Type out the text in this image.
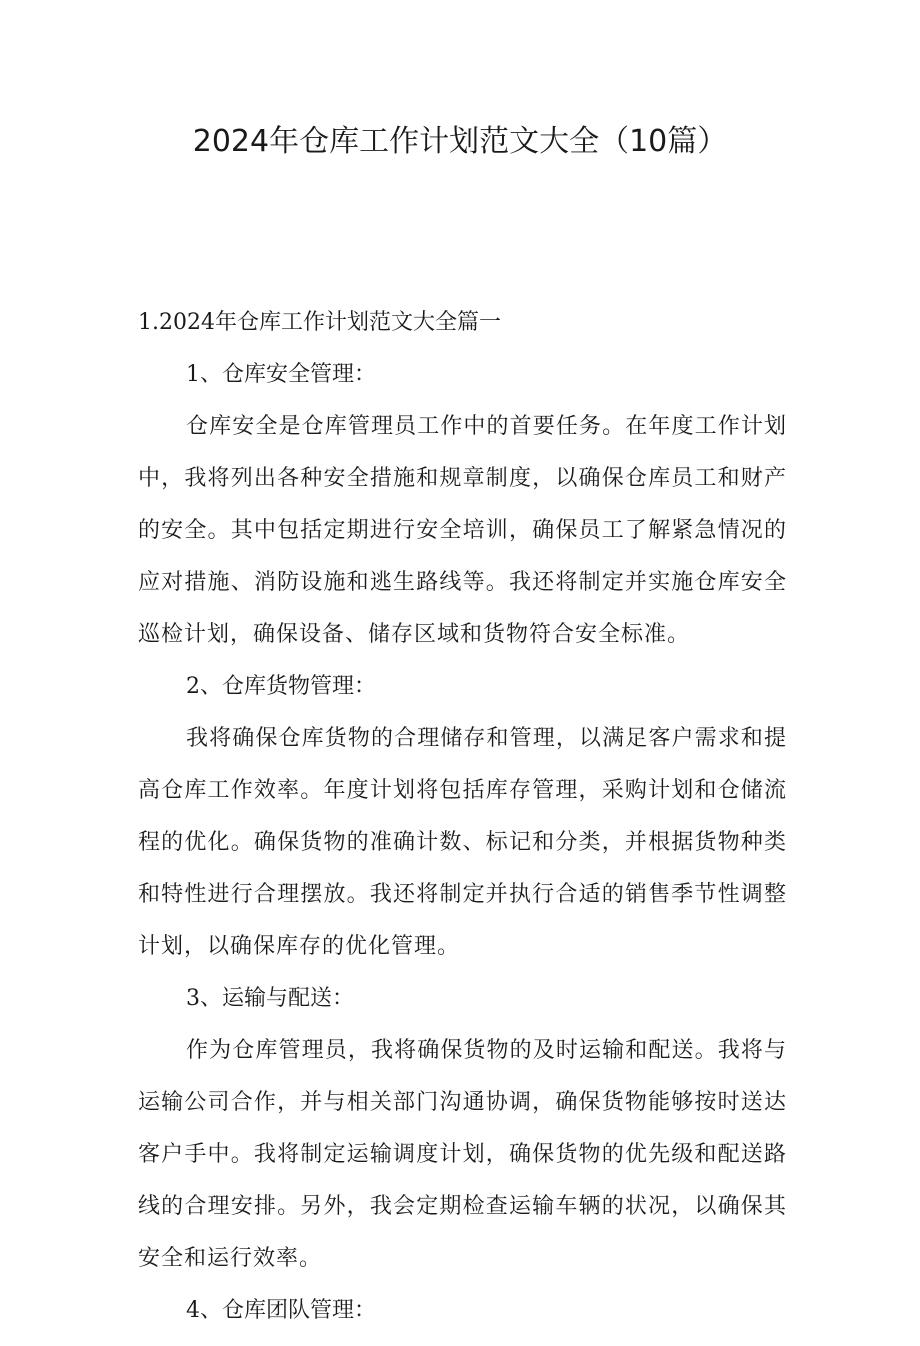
2024年仓库工作计划范文大全（10篇）
1.2024年仓库工作计划范文大全篇一
1、仓库安全管理：
仓库安全是仓库管理员工作中的首要任务。在年度工作计划
中，我将列出各种安全措施和规章制度，以确保仓库员工和财产
的安全。其中包括定期进行安全培训，确保员工了解紧急情况的
应对措施、消防设施和逃生路线等。我还将制定并实施仓库安全
巡检计划，确保设备、储存区域和货物符合安全标准。
2、仓库货物管理：
我将确保仓库货物的合理储存和管理，以满足客户需求和提
高仓库工作效率。年度计划将包括库存管理，采购计划和仓储流
程的优化。确保货物的准确计数、标记和分类，并根据货物种类
和特性进行合理摆放。我还将制定并执行合适的销售季节性调整
计划，以确保库存的优化管理。
3、运输与配送：
作为仓库管理员，我将确保货物的及时运输和配送。我将与
运输公司合作，并与相关部门沟通协调，确保货物能够按时送达
客户手中。我将制定运输调度计划，确保货物的优先级和配送路
线的合理安排。另外，我会定期检查运输车辆的状况，以确保其
安全和运行效率。
4、仓库团队管理：
